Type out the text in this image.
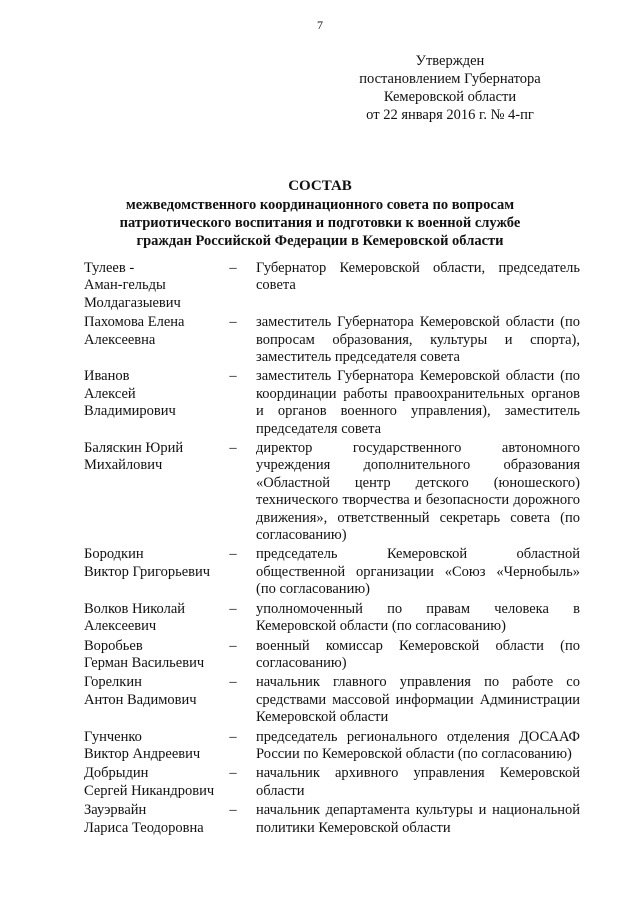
7
Утвержден
постановлением Губернатора
Кемеровской области
от 22 января 2016 г. № 4-пг
СОСТАВ
межведомственного координационного совета по вопросам
патриотического воспитания и подготовки к военной службе
граждан Российской Федерации в Кемеровской области
Тулеев -
Аман-гельды
Молдагазыевич
– Губернатор Кемеровской области, председатель совета
Пахомова Елена
Алексеевна
– заместитель Губернатора Кемеровской области (по вопросам образования, культуры и спорта), заместитель председателя совета
Иванов
Алексей
Владимирович
– заместитель Губернатора Кемеровской области (по координации работы правоохранительных органов и органов военного управления), заместитель председателя совета
Баляскин Юрий
Михайлович
– директор государственного автономного учреждения дополнительного образования «Областной центр детского (юношеского) технического творчества и безопасности дорожного движения», ответственный секретарь совета (по согласованию)
Бородкин
Виктор Григорьевич
– председатель Кемеровской областной общественной организации «Союз «Чернобыль» (по согласованию)
Волков Николай
Алексеевич
– уполномоченный по правам человека в Кемеровской области (по согласованию)
Воробьев
Герман Васильевич
– военный комиссар Кемеровской области (по согласованию)
Горелкин
Антон Вадимович
– начальник главного управления по работе со средствами массовой информации Администрации Кемеровской области
Гунченко
Виктор Андреевич
– председатель регионального отделения ДОСААФ России по Кемеровской области (по согласованию)
Добрыдин
Сергей Никандрович
– начальник архивного управления Кемеровской области
Зауэрвайн
Лариса Теодоровна
– начальник департамента культуры и национальной политики Кемеровской области
